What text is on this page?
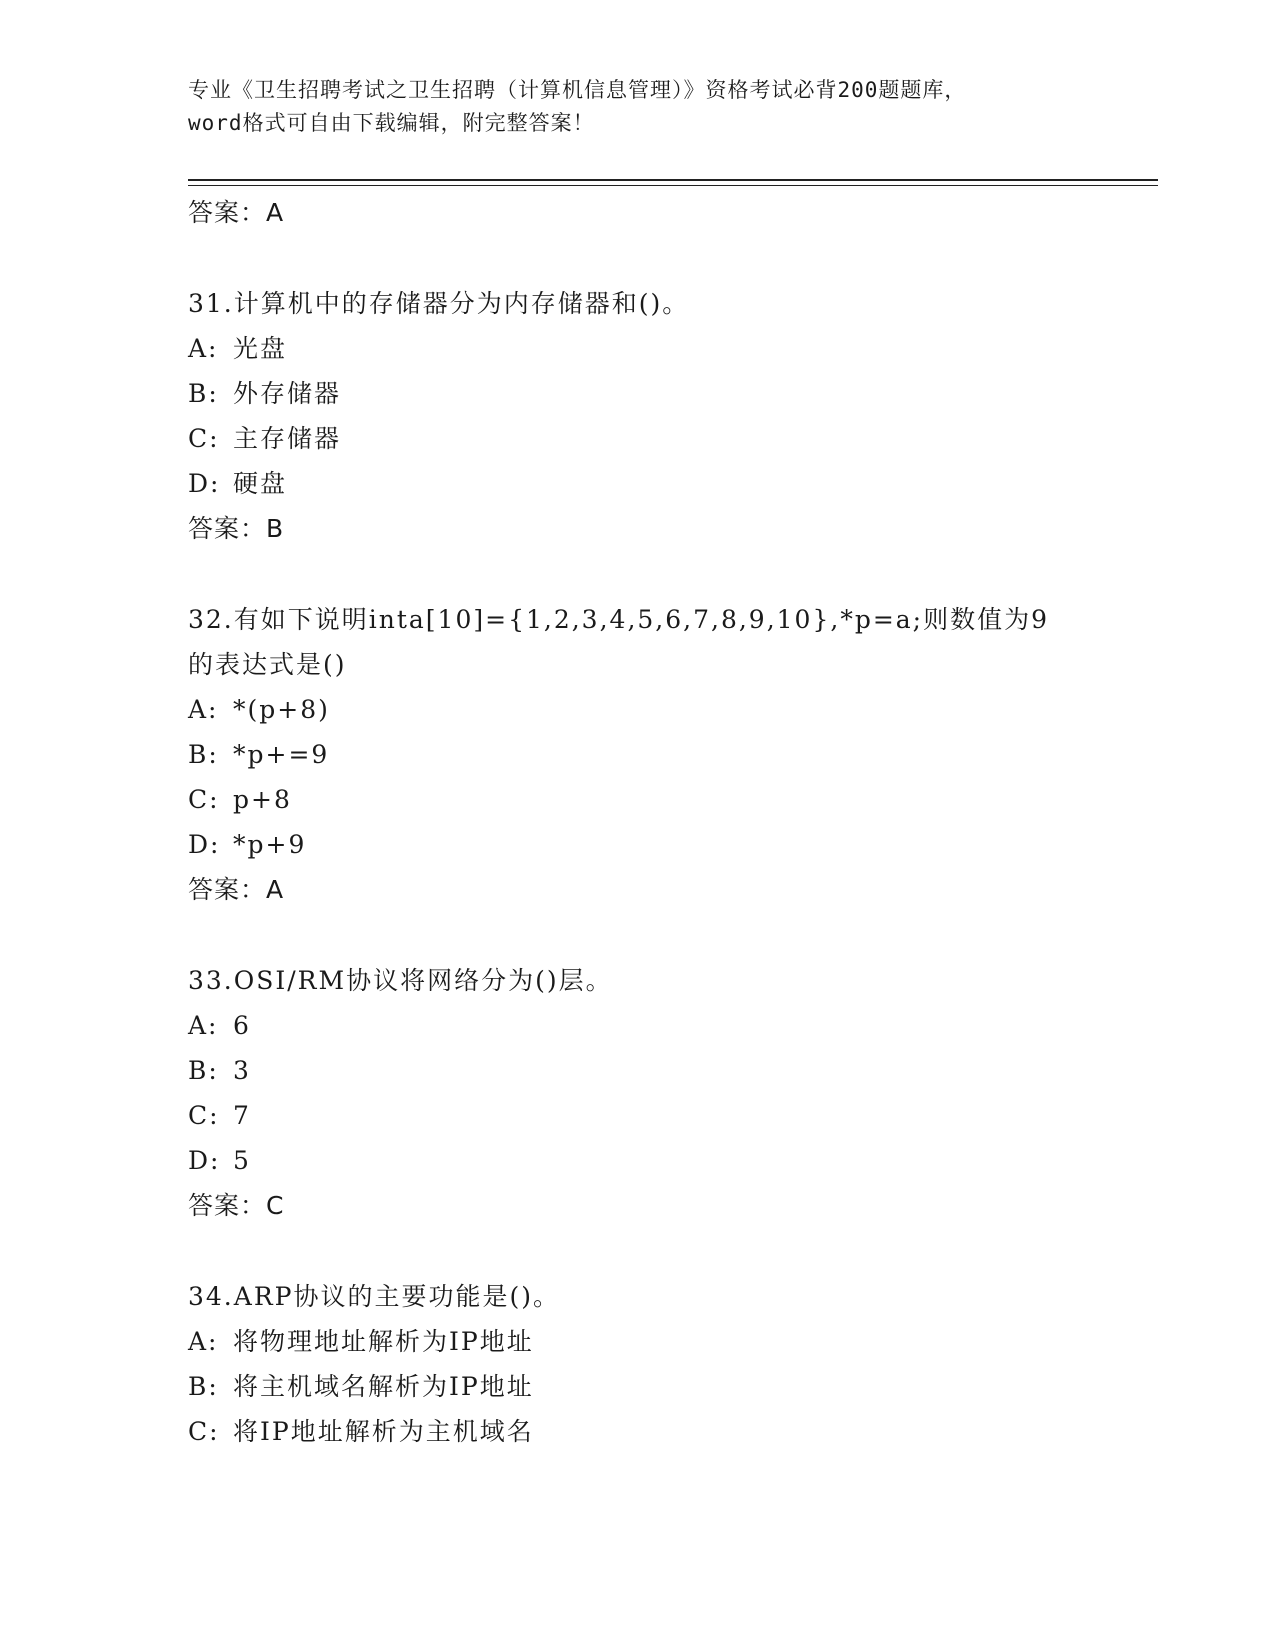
专业《卫生招聘考试之卫生招聘（计算机信息管理）》资格考试必背200题题库，
word格式可自由下载编辑，附完整答案！
答案：A
31.计算机中的存储器分为内存储器和()。
A: 光盘
B: 外存储器
C: 主存储器
D: 硬盘
答案：B
32.有如下说明inta[10]={1,2,3,4,5,6,7,8,9,10},*p=a;则数值为9
的表达式是()
A: *(p+8)
B: *p+=9
C: p+8
D: *p+9
答案：A
33.OSI/RM协议将网络分为()层。
A: 6
B: 3
C: 7
D: 5
答案：C
34.ARP协议的主要功能是()。
A: 将物理地址解析为IP地址
B: 将主机域名解析为IP地址
C: 将IP地址解析为主机域名
